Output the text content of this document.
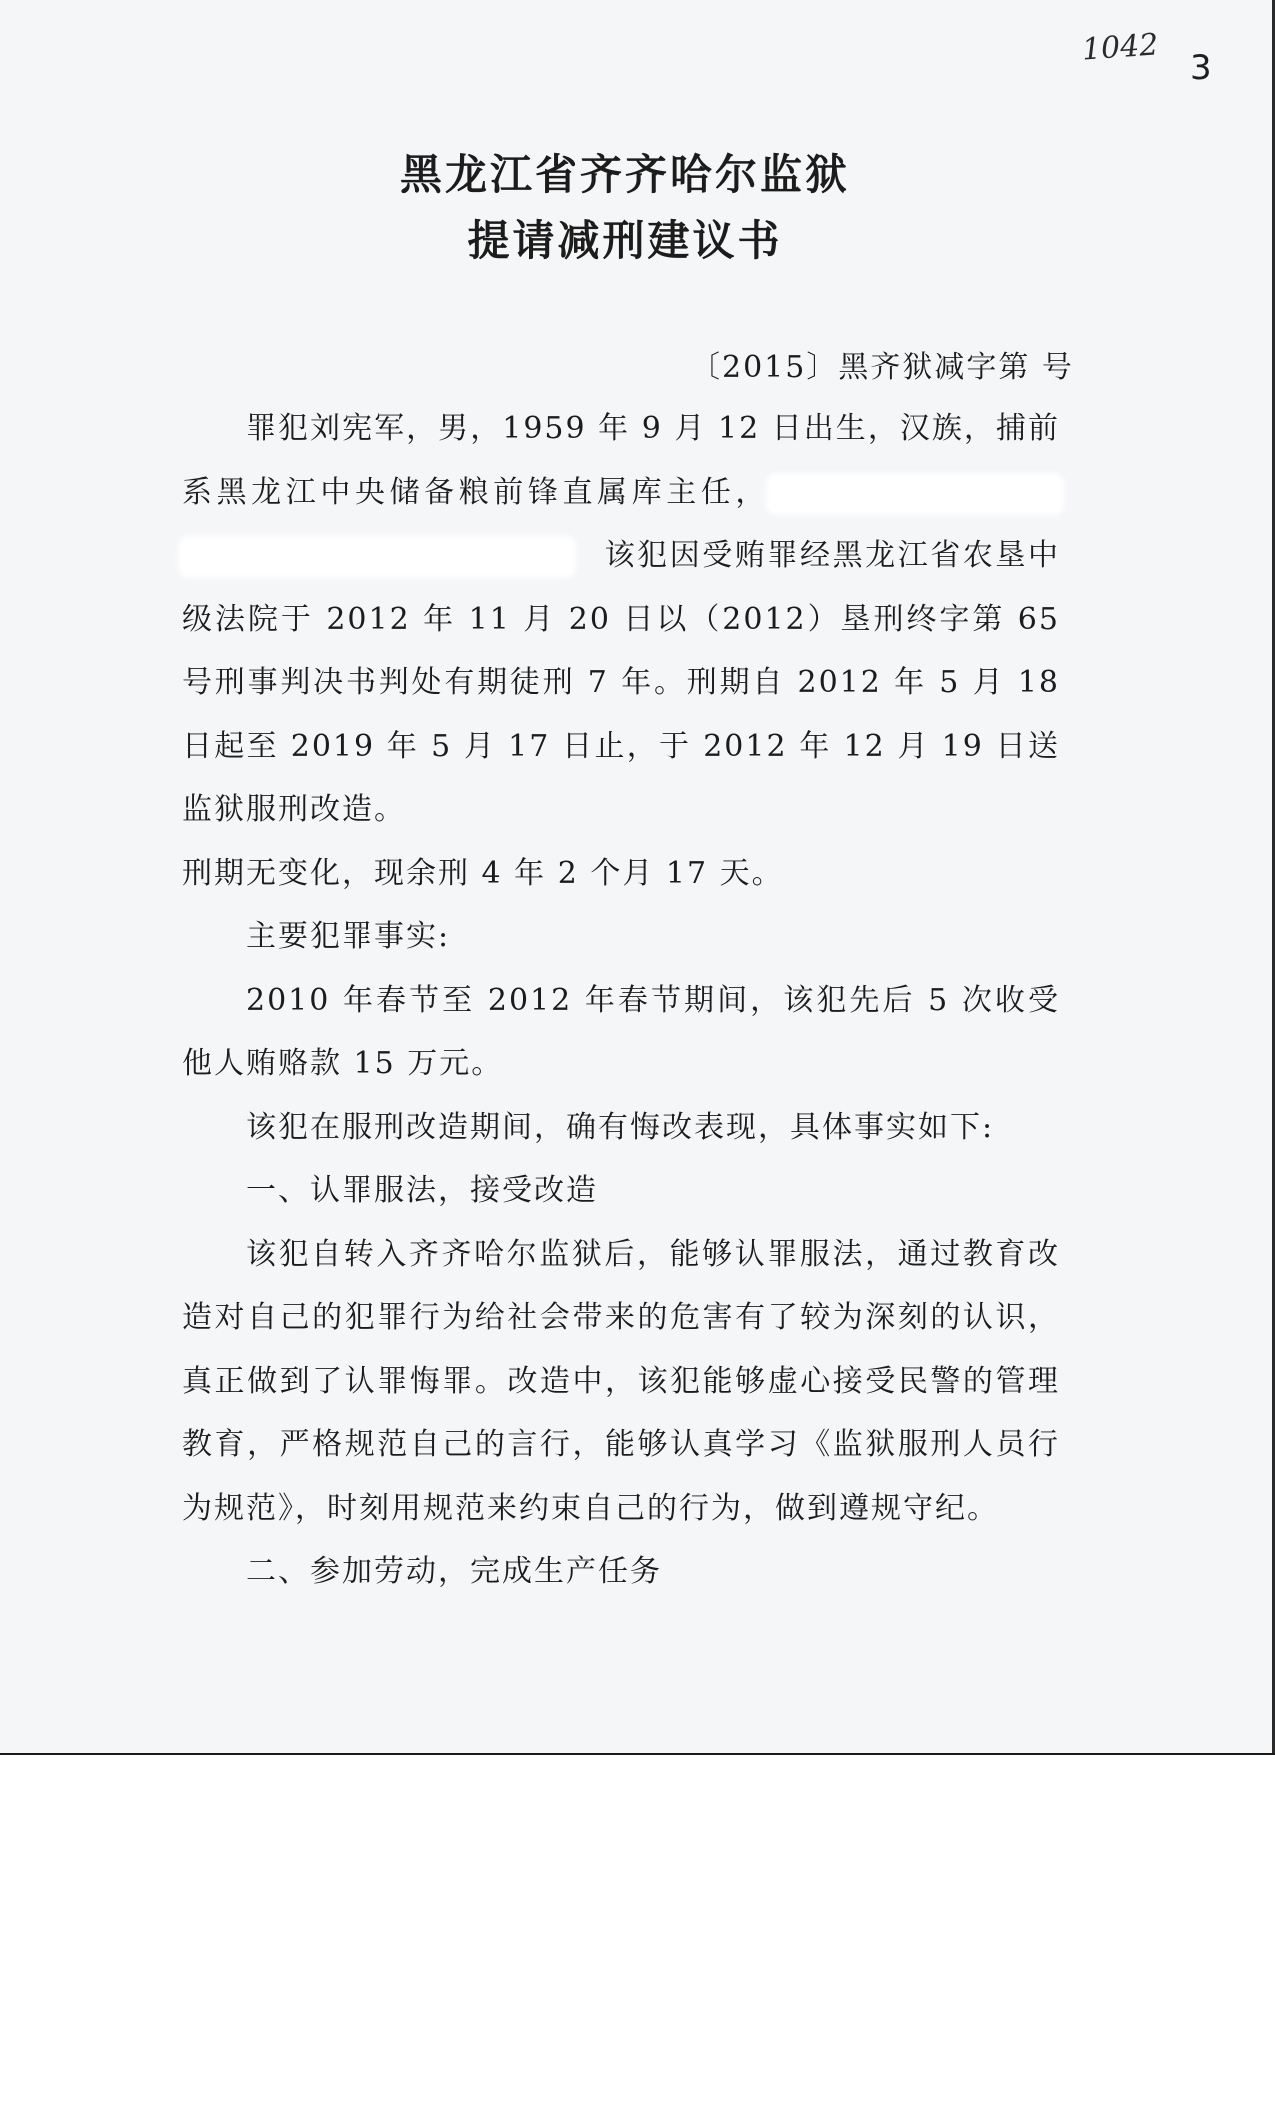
1042
3
黑龙江省齐齐哈尔监狱
提请减刑建议书
〔2015〕黑齐狱减字第 号

罪犯刘宪军，男，1959 年 9 月 12 日出生，汉族，捕前系黑龙江中央储备粮前锋直属库主任， 该犯因受贿罪经黑龙江省农垦中级法院于 2012 年 11 月 20 日以（2012）垦刑终字第 65 号刑事判决书判处有期徒刑 7 年。刑期自 2012 年 5 月 18 日起至 2019 年 5 月 17 日止，于 2012 年 12 月 19 日送监狱服刑改造。

刑期无变化，现余刑 4 年 2 个月 17 天。

主要犯罪事实:

2010 年春节至 2012 年春节期间，该犯先后 5 次收受他人贿赂款 15 万元。

该犯在服刑改造期间，确有悔改表现，具体事实如下:

一、认罪服法，接受改造

该犯自转入齐齐哈尔监狱后，能够认罪服法，通过教育改造对自己的犯罪行为给社会带来的危害有了较为深刻的认识，真正做到了认罪悔罪。改造中，该犯能够虚心接受民警的管理教育，严格规范自己的言行，能够认真学习《监狱服刑人员行为规范》，时刻用规范来约束自己的行为，做到遵规守纪。

二、参加劳动，完成生产任务
